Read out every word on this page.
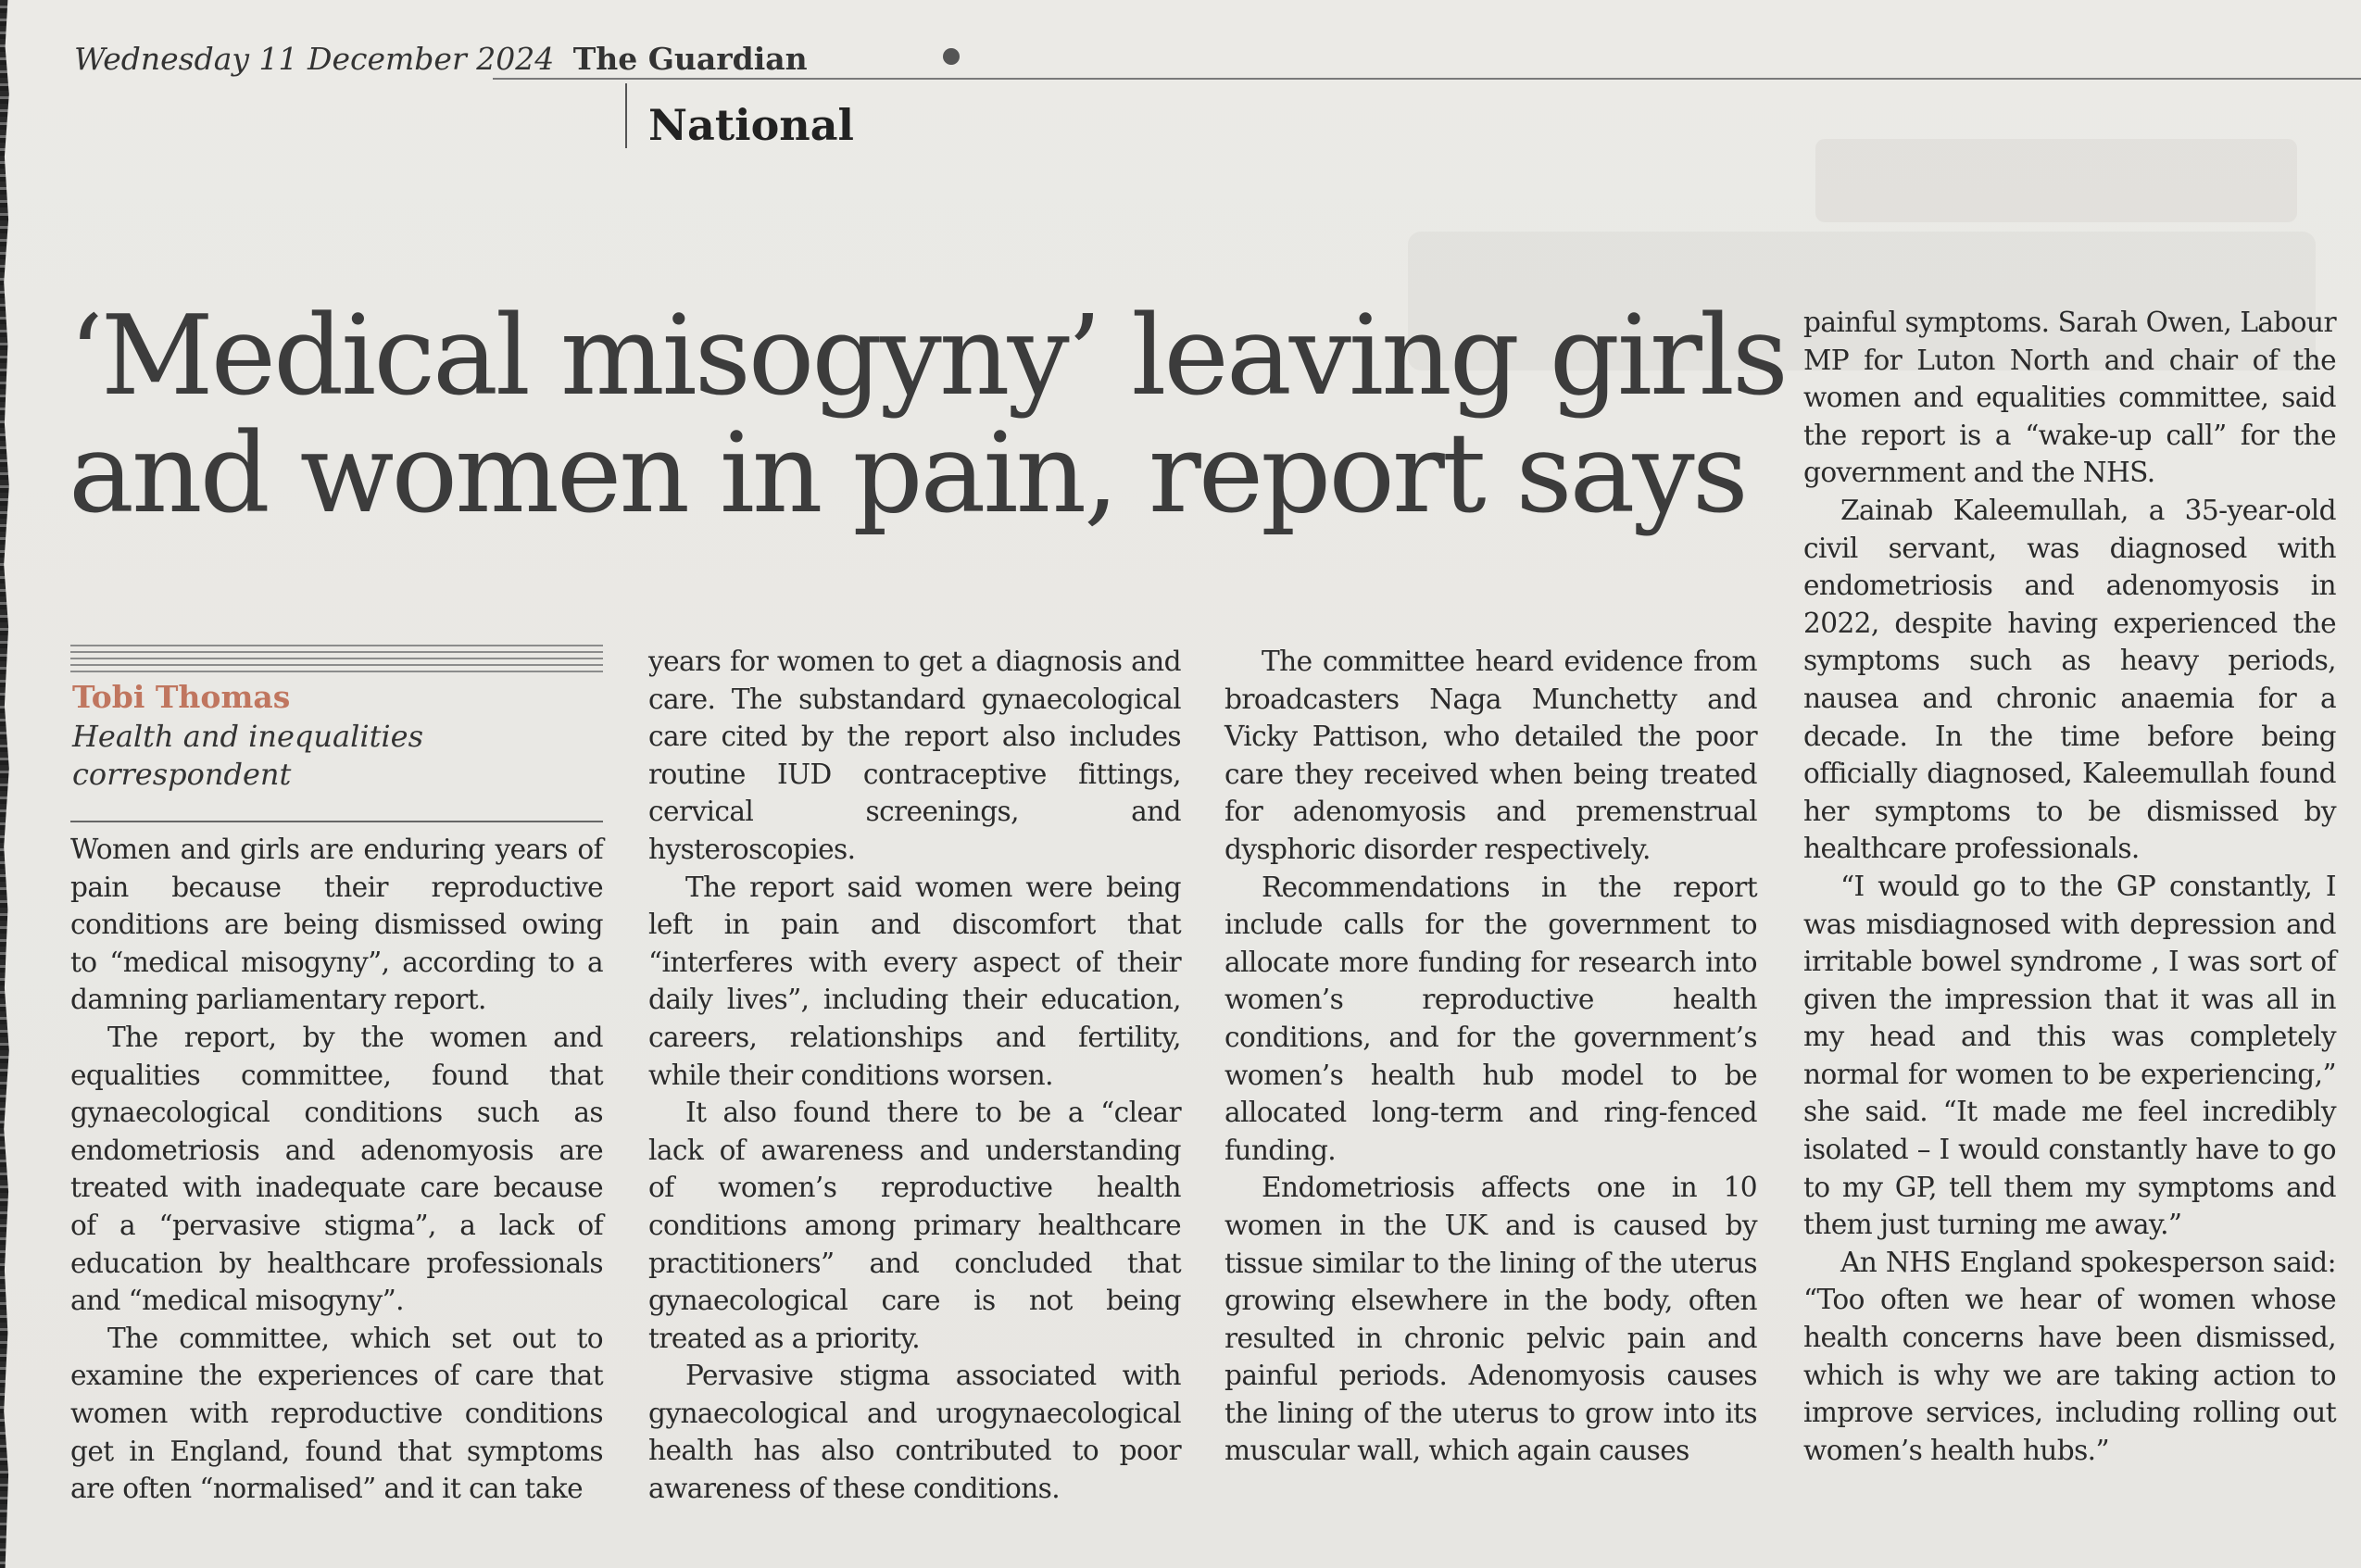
Wednesday 11 December 2024 The Guardian
National
‘Medical misogyny’ leaving girls
and women in pain, report says
Tobi Thomas
Health and inequalities correspondent

Women and girls are enduring years of pain because their reproductive conditions are being dismissed owing to “medical misogyny”, according to a damning parliamentary report.

The report, by the women and equalities committee, found that gynaecological conditions such as endometriosis and adenomyosis are treated with inadequate care because of a “pervasive stigma”, a lack of education by healthcare professionals and “medical misogyny”.

The committee, which set out to examine the experiences of care that women with reproductive conditions get in England, found that symptoms are often “normalised” and it can take

years for women to get a diagnosis and care. The substandard gynaecological care cited by the report also includes routine IUD contraceptive fittings, cervical screenings, and hysteroscopies.

The report said women were being left in pain and discomfort that “interferes with every aspect of their daily lives”, including their education, careers, relationships and fertility, while their conditions worsen.

It also found there to be a “clear lack of awareness and understanding of women’s reproductive health conditions among primary healthcare practitioners” and concluded that gynaecological care is not being treated as a priority.

Pervasive stigma associated with gynaecological and urogynaecological health has also contributed to poor awareness of these conditions.

The committee heard evidence from broadcasters Naga Munchetty and Vicky Pattison, who detailed the poor care they received when being treated for adenomyosis and premenstrual dysphoric disorder respectively.

Recommendations in the report include calls for the government to allocate more funding for research into women’s reproductive health conditions, and for the government’s women’s health hub model to be allocated long-term and ring-fenced funding.

Endometriosis affects one in 10 women in the UK and is caused by tissue similar to the lining of the uterus growing elsewhere in the body, often resulted in chronic pelvic pain and painful periods. Adenomyosis causes the lining of the uterus to grow into its muscular wall, which again causes

painful symptoms. Sarah Owen, Labour MP for Luton North and chair of the women and equalities committee, said the report is a “wake-up call” for the government and the NHS.

Zainab Kaleemullah, a 35-year-old civil servant, was diagnosed with endometriosis and adenomyosis in 2022, despite having experienced the symptoms such as heavy periods, nausea and chronic anaemia for a decade. In the time before being officially diagnosed, Kaleemullah found her symptoms to be dismissed by healthcare professionals.

“I would go to the GP constantly, I was misdiagnosed with depression and irritable bowel syndrome , I was sort of given the impression that it was all in my head and this was completely normal for women to be experiencing,” she said. “It made me feel incredibly isolated – I would constantly have to go to my GP, tell them my symptoms and them just turning me away.”

An NHS England spokesperson said: “Too often we hear of women whose health concerns have been dismissed, which is why we are taking action to improve services, including rolling out women’s health hubs.”
